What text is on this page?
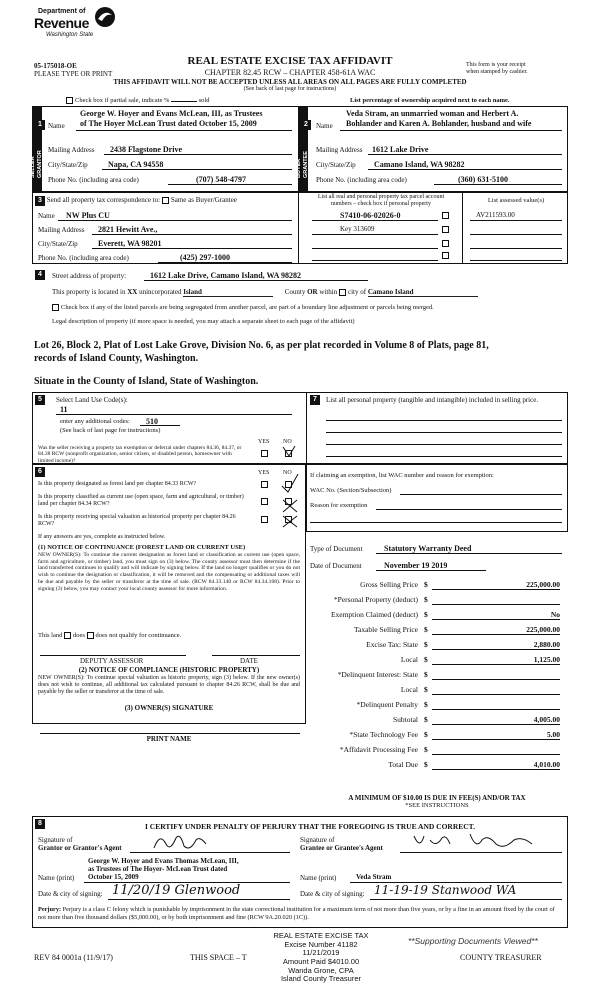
Department of
Revenue
Washington State
05-175018-OE
PLEASE TYPE OR PRINT
REAL ESTATE EXCISE TAX AFFIDAVIT
CHAPTER 82.45 RCW – CHAPTER 458-61A WAC
THIS AFFIDAVIT WILL NOT BE ACCEPTED UNLESS ALL AREAS ON ALL PAGES ARE FULLY COMPLETED
(See back of last page for instructions)
This form is your receipt
when stamped by cashier.
Check box if partial sale, indicate %	sold	List percentage of ownership acquired next to each name.
SELLER GRANTOR
1 Name
George W. Hoyer and Evans McLean, III, as Trustees
of The Hoyer McLean Trust dated October 15, 2009
Mailing Address 2438 Flagstone Drive
City/State/Zip	Napa, CA 94558
Phone No. (including area code)	(707) 548-4797
BUYER GRANTEE
2	Name
Veda Stram, an unmarried woman and Herbert A.
Bohlander and Karen A. Bohlander, husband and wife
Mailing Address 1612 Lake Drive
City/State/Zip Camano Island, WA 98282
Phone No. (including area code)	(360) 631-5100
3 Send all property tax correspondence to: Same as Buyer/Grantee
Name NW Plus CU
Mailing Address 2821 Hewitt Ave.,
City/State/Zip	Everett, WA 98201
Phone No. (including area code)	(425) 297-1000
List all real and personal property tax parcel account
numbers – check box if personal property	List assessed value(s)
S7410-06-02026-0	AV211593.00
Key 313609
4	Street address of property:	1612 Lake Drive, Camano Island, WA 98282
This property is located in XX unincorporated Island	County OR within city of Camano Island
Check box if any of the listed parcels are being segregated from another parcel, are part of a boundary line adjustment or parcels being merged.
Legal description of property (if more space is needed, you may attach a separate sheet to each page of the affidavit)
Lot 26, Block 2, Plat of Lost Lake Grove, Division No. 6, as per plat recorded in Volume 8 of Plats, page 81,
records of Island County, Washington.
Situate in the County of Island, State of Washington.
5	Select Land Use Code(s):
11
enter any additional codes: 510
(See back of last page for instructions)
YES NO
Was the seller receiving a property tax exemption or deferral under chapters 84.36, 84.37, or 84.38 RCW (nonprofit organization, senior citizen, or disabled person, homeowner with limited income)?
7	List all personal property (tangible and intangible) included in selling price.
6	YES NO
Is this property designated as forest land per chapter 84.33 RCW?
Is this property classified as current use (open space, farm and agricultural, or timber) land per chapter 84.34 RCW?
Is this property receiving special valuation as historical property per chapter 84.26 RCW?
If any answers are yes, complete as instructed below.
(1) NOTICE OF CONTINUANCE (FOREST LAND OR CURRENT USE)
NEW OWNER(S): To continue the current designation as forest land or classification as current use (open space, farm and agriculture, or timber) land, you must sign on (3) below. The county assessor must then determine if the land transferred continues to qualify and will indicate by signing below. If the land no longer qualifies or you do not wish to continue the designation or classification, it will be removed and the compensating or additional taxes will be due and payable by the seller or transferor at the time of sale. (RCW 84.33.140 or RCW 84.34.108). Prior to signing (3) below, you may contact your local county assessor for more information.
This land does does not qualify for continuance.
DEPUTY ASSESSOR	DATE
(2) NOTICE OF COMPLIANCE (HISTORIC PROPERTY)
NEW OWNER(S): To continue special valuation as historic property, sign (3) below. If the new owner(s) does not wish to continue, all additional tax calculated pursuant to chapter 84.26 RCW, shall be due and payable by the seller or transferor at the time of sale.
(3) OWNER(S) SIGNATURE
PRINT NAME
If claiming an exemption, list WAC number and reason for exemption:
WAC No. (Section/Subsection)
Reason for exemption
Type of Document	Statutory Warranty Deed
Date of Document	November 19 2019
Gross Selling Price $	225,000.00
*Personal Property (deduct) $
Exemption Claimed (deduct) $	No
Taxable Selling Price $	225,000.00
Excise Tax: State $	2,880.00
Local $	1,125.00
*Delinquent Interest: State $
Local $
*Delinquent Penalty $
Subtotal $	4,005.00
*State Technology Fee $	5.00
*Affidavit Processing Fee $
Total Due $	4,010.00
A MINIMUM OF $10.00 IS DUE IN FEE(S) AND/OR TAX
*SEE INSTRUCTIONS
8	I CERTIFY UNDER PENALTY OF PERJURY THAT THE FOREGOING IS TRUE AND CORRECT.
Signature of
Grantor or Grantor's Agent
Signature of
Grantee or Grantee's Agent
Name (print)
George W. Hoyer and Evans Thomas McLean, III,
as Trustees of The Hoyer- McLean Trust dated
October 15, 2009	Name (print)	Veda Stram
Date & city of signing: 11/20/19 Glenwood	Date & city of signing: 11-19-19 Stanwood WA
Perjury: Perjury is a class C felony which is punishable by imprisonment in the state correctional institution for a maximum term of not more than five years, or by a fine in an amount fixed by the court of not more than five thousand dollars ($5,000.00), or by both imprisonment and fine (RCW 9A.20.020 (1C)).
REV 84 0001a (11/9/17)	THIS SPACE – T
REAL ESTATE EXCISE TAX
Excise Number 41182
11/21/2019
Amount Paid $4010.00
Wanda Grone, CPA
Island County Treasurer
**Supporting Documents Viewed**
COUNTY TREASURER
